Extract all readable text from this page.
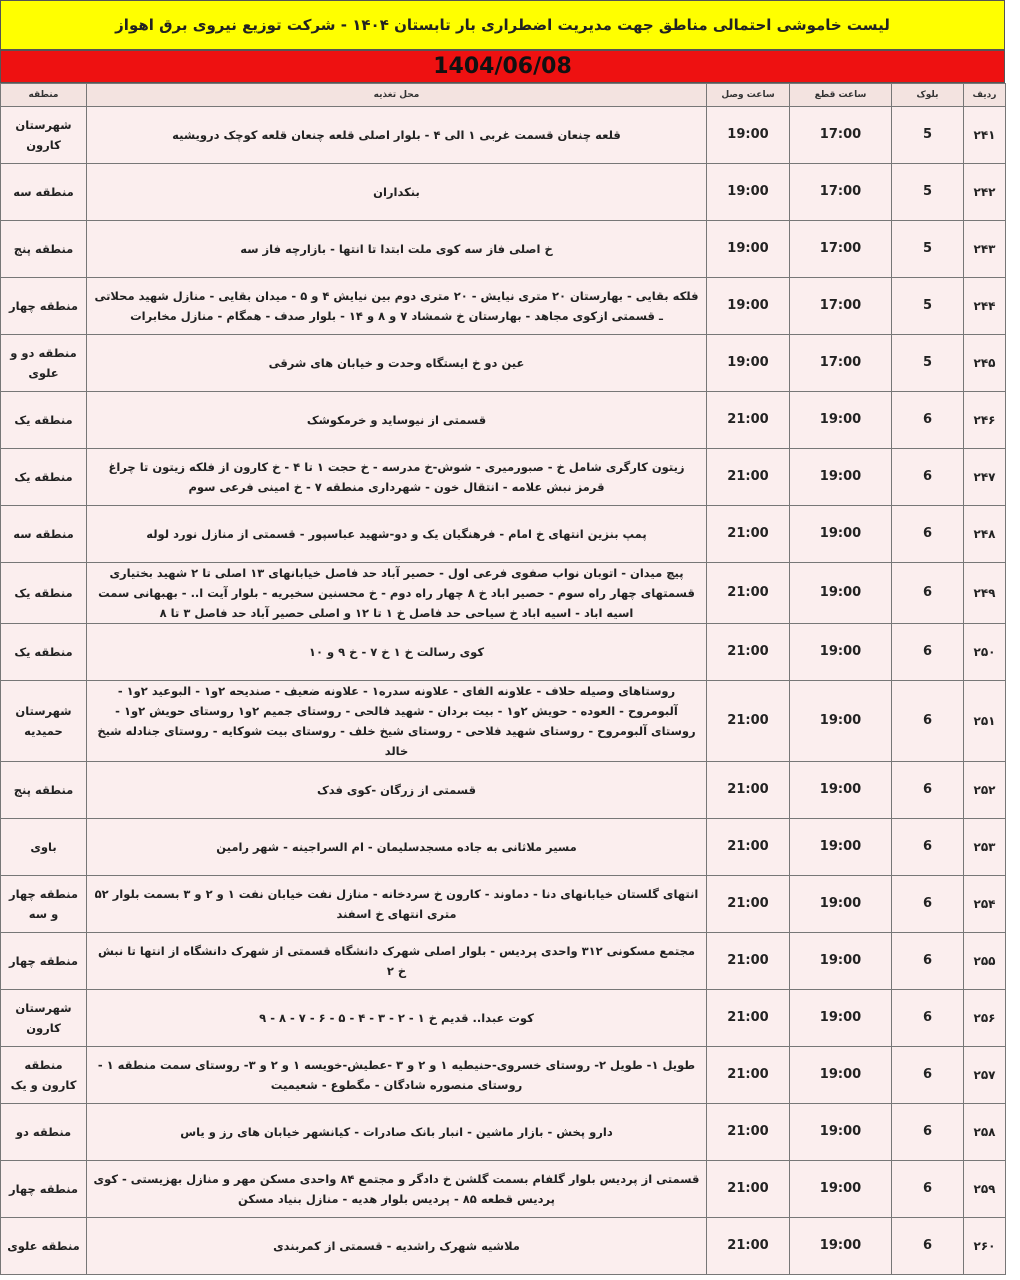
لیست خاموشی احتمالی مناطق جهت مدیریت اضطراری بار تابستان ۱۴۰۴ - شرکت توزیع نیروی برق اهواز
1404/06/08
ردیف	بلوک	ساعت قطع	ساعت وصل	محل تغذیه	منطقه
۲۴۱	5	17:00	19:00	قلعه چنعان قسمت غربی ۱ الی ۴ - بلوار اصلی قلعه چنعان قلعه کوچک درویشیه	شهرستان کارون
۲۴۲	5	17:00	19:00	بنکداران	منطقه سه
۲۴۳	5	17:00	19:00	خ اصلی فاز سه کوی ملت ابتدا تا انتها - بازارچه فاز سه	منطقه پنج
۲۴۴	5	17:00	19:00	فلکه بقایی - بهارستان ۲۰ متری نیایش - ۲۰ متری دوم بین نیایش ۴ و ۵ - میدان بقایی - منازل شهید محلاتی ـ قسمتی ازکوی مجاهد - بهارستان خ شمشاد ۷ و ۸ و ۱۴ - بلوار صدف - همگام - منازل مخابرات	منطقه چهار
۲۴۵	5	17:00	19:00	عین دو خ ایستگاه وحدت و خیابان های شرقی	منطقه دو و علوی
۲۴۶	6	19:00	21:00	قسمتی از نیوساید و خرمکوشک	منطقه یک
۲۴۷	6	19:00	21:00	زیتون کارگری شامل خ - صبورمیری - شوش-خ مدرسه - خ حجت ۱ تا ۴ - خ کارون از فلکه زیتون تا چراغ قرمز نبش علامه - انتقال خون - شهرداری منطقه ۷ - خ امینی فرعی سوم	منطقه یک
۲۴۸	6	19:00	21:00	پمپ بنزین انتهای خ امام - فرهنگیان یک و دو-شهید عباسپور - قسمتی از منازل نورد لوله	منطقه سه
۲۴۹	6	19:00	21:00	پیچ میدان - اتوبان نواب صفوی فرعی اول - حصیر آباد حد فاصل خیابانهای ۱۳ اصلی تا ۲ شهید بختیاری قسمتهای چهار راه سوم - حصیر اباد خ ۸ چهار راه دوم - خ محسنین سخیریه - بلوار آیت ا.. - بهبهانی سمت اسیه اباد - اسیه اباد خ سیاحی حد فاصل خ ۱ تا ۱۲ و اصلی حصیر آباد حد فاصل ۳ تا ۸	منطقه یک
۲۵۰	6	19:00	21:00	کوی رسالت خ ۱ خ ۷ - خ ۹ و ۱۰	منطقه یک
۲۵۱	6	19:00	21:00	روستاهای وصیله حلاف - علاونه الفای - علاونه سدره۱ - علاونه ضعیف - صندیحه ۲و۱ - البوعید ۲و۱ - آلبومروح - العوده - حویش ۲و۱ - بیت بردان - شهید فالحی - روستای جمیم ۲و۱ روستای حویش ۲و۱ - روستای آلبومروح - روستای شهید فلاحی - روستای شیخ خلف - روستای بیت شوکایه - روستای جنادله شیخ خالد	شهرستان حمیدیه
۲۵۲	6	19:00	21:00	قسمتی از زرگان -کوی فدک	منطقه پنج
۲۵۳	6	19:00	21:00	مسیر ملاثانی به جاده مسجدسلیمان - ام السراجینه - شهر رامین	باوی
۲۵۴	6	19:00	21:00	انتهای گلستان خیابانهای دنا - دماوند - کارون خ سردخانه - منازل نفت خیابان نفت ۱ و ۲ و ۳ بسمت بلوار ۵۲ متری انتهای خ اسفند	منطقه چهار و سه
۲۵۵	6	19:00	21:00	مجتمع مسکونی ۳۱۲ واحدی پردیس - بلوار اصلی شهرک دانشگاه قسمتی از شهرک دانشگاه از انتها تا نبش خ ۲	منطقه چهار
۲۵۶	6	19:00	21:00	کوت عبدا.. قدیم خ ۱ - ۲ - ۳ - ۴ - ۵ - ۶ - ۷ - ۸ - ۹	شهرستان کارون
۲۵۷	6	19:00	21:00	طویل ۱- طویل ۲- روستای خسروی-حنیطیه ۱ و ۲ و ۳ -عطیش-خویسه ۱ و ۲ و ۳- روستای سمت منطقه ۱ - روستای منصوره شادگان - مگطوع - شعیمیت	منطقه کارون و یک
۲۵۸	6	19:00	21:00	دارو پخش - بازار ماشین - انبار بانک صادرات - کیانشهر خیابان های رز و یاس	منطقه دو
۲۵۹	6	19:00	21:00	قسمتی از پردیس بلوار گلفام بسمت گلشن خ دادگر و مجتمع ۸۴ واحدی مسکن مهر و منازل بهزیستی - کوی پردیس قطعه ۸۵ - پردیس بلوار هدیه - منازل بنیاد مسکن	منطقه چهار
۲۶۰	6	19:00	21:00	ملاشیه شهرک راشدیه - قسمتی از کمربندی	منطقه علوی
